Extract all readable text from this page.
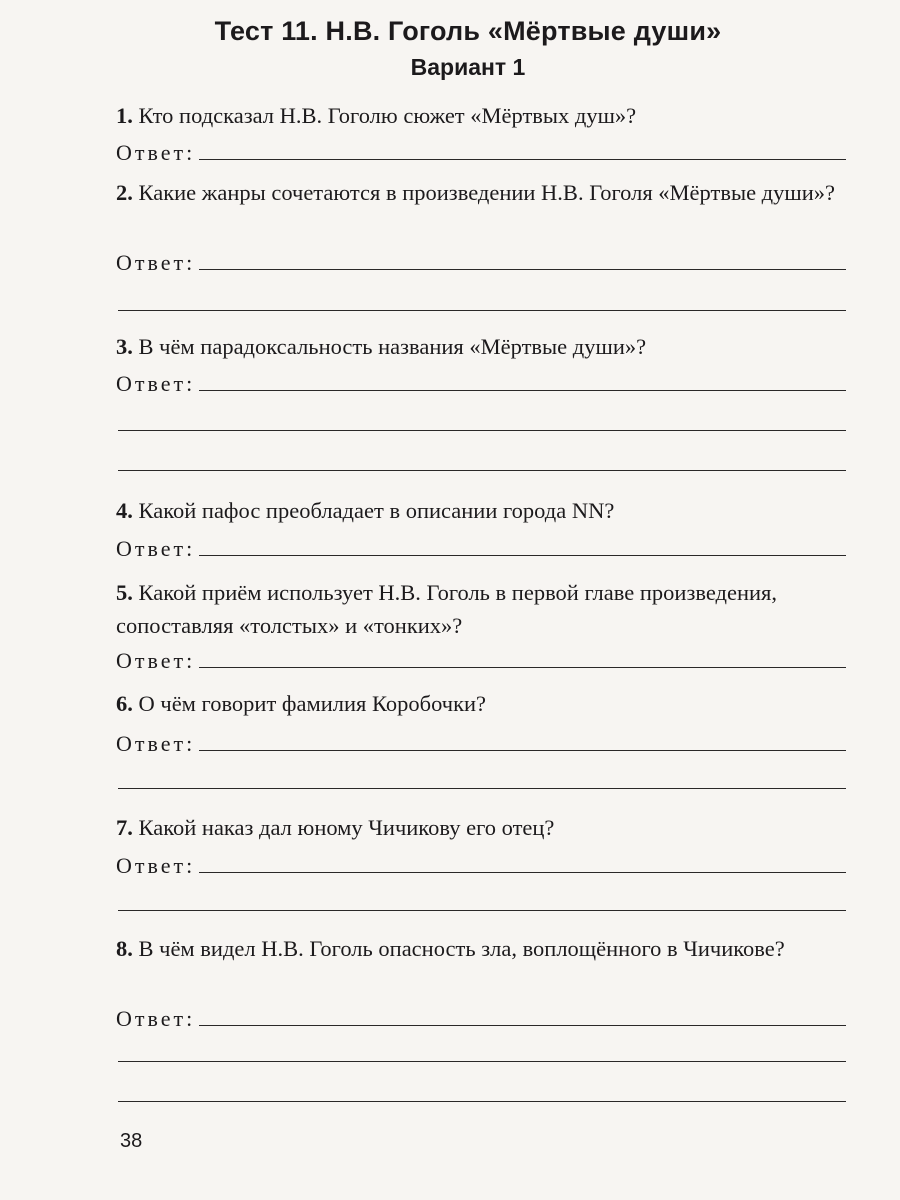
Тест 11. Н.В. Гоголь «Мёртвые души»
Вариант 1
1. Кто подсказал Н.В. Гоголю сюжет «Мёртвых душ»?
Ответ:
2. Какие жанры сочетаются в произведении Н.В. Гоголя «Мёртвые души»?
Ответ:
3. В чём парадоксальность названия «Мёртвые души»?
Ответ:
4. Какой пафос преобладает в описании города NN?
Ответ:
5. Какой приём использует Н.В. Гоголь в первой главе произведения, сопоставляя «толстых» и «тонких»?
Ответ:
6. О чём говорит фамилия Коробочки?
Ответ:
7. Какой наказ дал юному Чичикову его отец?
Ответ:
8. В чём видел Н.В. Гоголь опасность зла, воплощённого в Чичикове?
Ответ:
38
